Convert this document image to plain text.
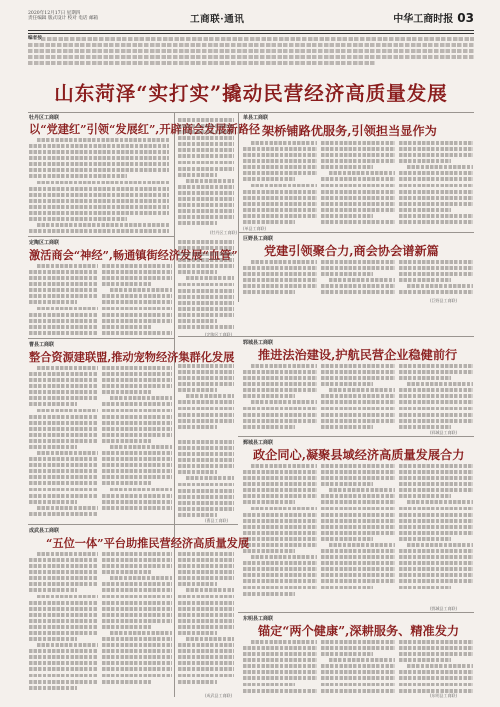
2020年12月17日 星期四
责任编辑 版式设计 校对 电话 邮箱	工商联·通讯	中华工商时报 03
编者按
山东菏泽“实打实”撬动民营经济高质量发展
牡丹区工商联
以“党建红”引领“发展红”,开辟商会发展新路径
(牡丹区工商联)
单县工商联
架桥铺路优服务,引领担当显作为
(单县工商联)
定陶区工商联
激活商会“神经”,畅通镇街经济发展“血管”
(定陶区工商联)
巨野县工商联
党建引领聚合力,商会协会谱新篇
(巨野县工商联)
郓城县工商联
推进法治建设,护航民营企业稳健前行
(郓城县工商联)
曹县工商联
整合资源建联盟,推动宠物经济集群化发展
(曹县工商联)
鄄城县工商联
政企同心,凝聚县域经济高质量发展合力
(鄄城县工商联)
成武县工商联
“五位一体”平台助推民营经济高质量发展
(成武县工商联)
东明县工商联
锚定“两个健康”,深耕服务、精准发力
(东明县工商联)
